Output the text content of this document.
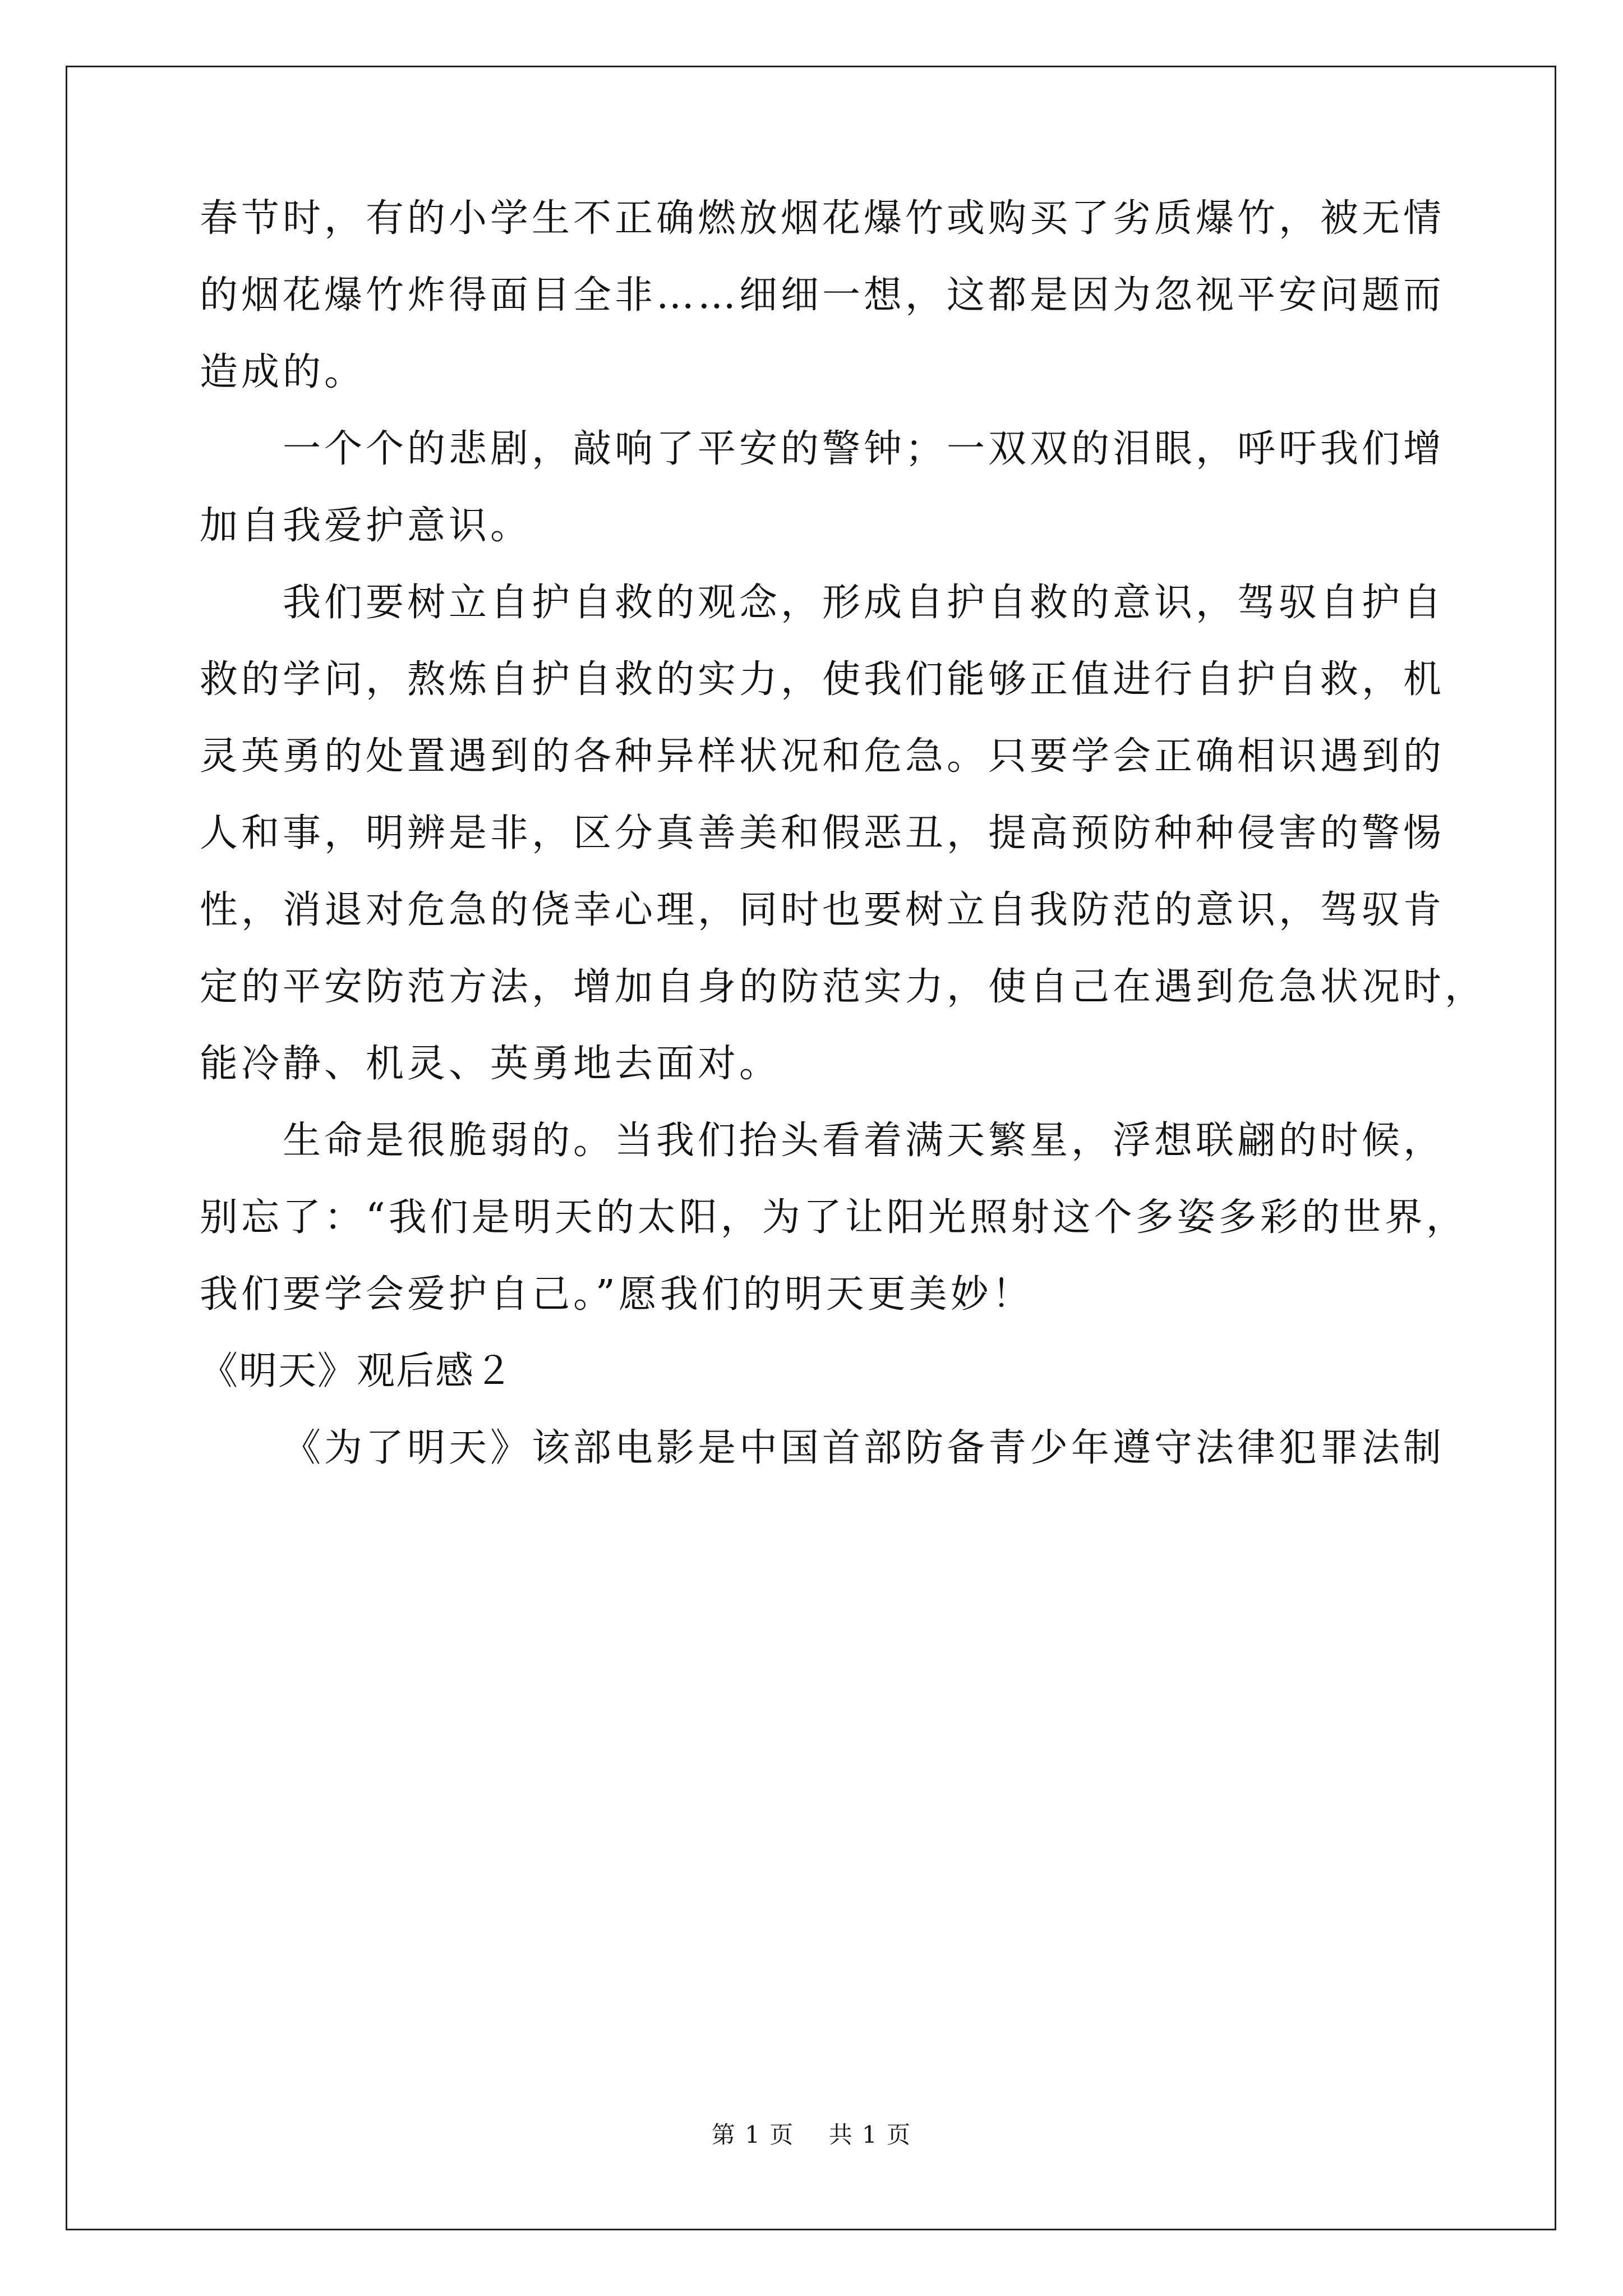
春节时，有的小学生不正确燃放烟花爆竹或购买了劣质爆竹，被无情
的烟花爆竹炸得面目全非……细细一想，这都是因为忽视平安问题而
造成的。
一个个的悲剧，敲响了平安的警钟；一双双的泪眼，呼吁我们增
加自我爱护意识。
我们要树立自护自救的观念，形成自护自救的意识，驾驭自护自
救的学问，熬炼自护自救的实力，使我们能够正值进行自护自救，机
灵英勇的处置遇到的各种异样状况和危急。只要学会正确相识遇到的
人和事，明辨是非，区分真善美和假恶丑，提高预防种种侵害的警惕
性，消退对危急的侥幸心理，同时也要树立自我防范的意识，驾驭肯
定的平安防范方法，增加自身的防范实力，使自己在遇到危急状况时，
能冷静、机灵、英勇地去面对。
生命是很脆弱的。当我们抬头看着满天繁星，浮想联翩的时候，
别忘了：“我们是明天的太阳，为了让阳光照射这个多姿多彩的世界，
我们要学会爱护自己。”愿我们的明天更美妙！
《明天》观后感２
《为了明天》该部电影是中国首部防备青少年遵守法律犯罪法制
第 1 页    共 1 页
